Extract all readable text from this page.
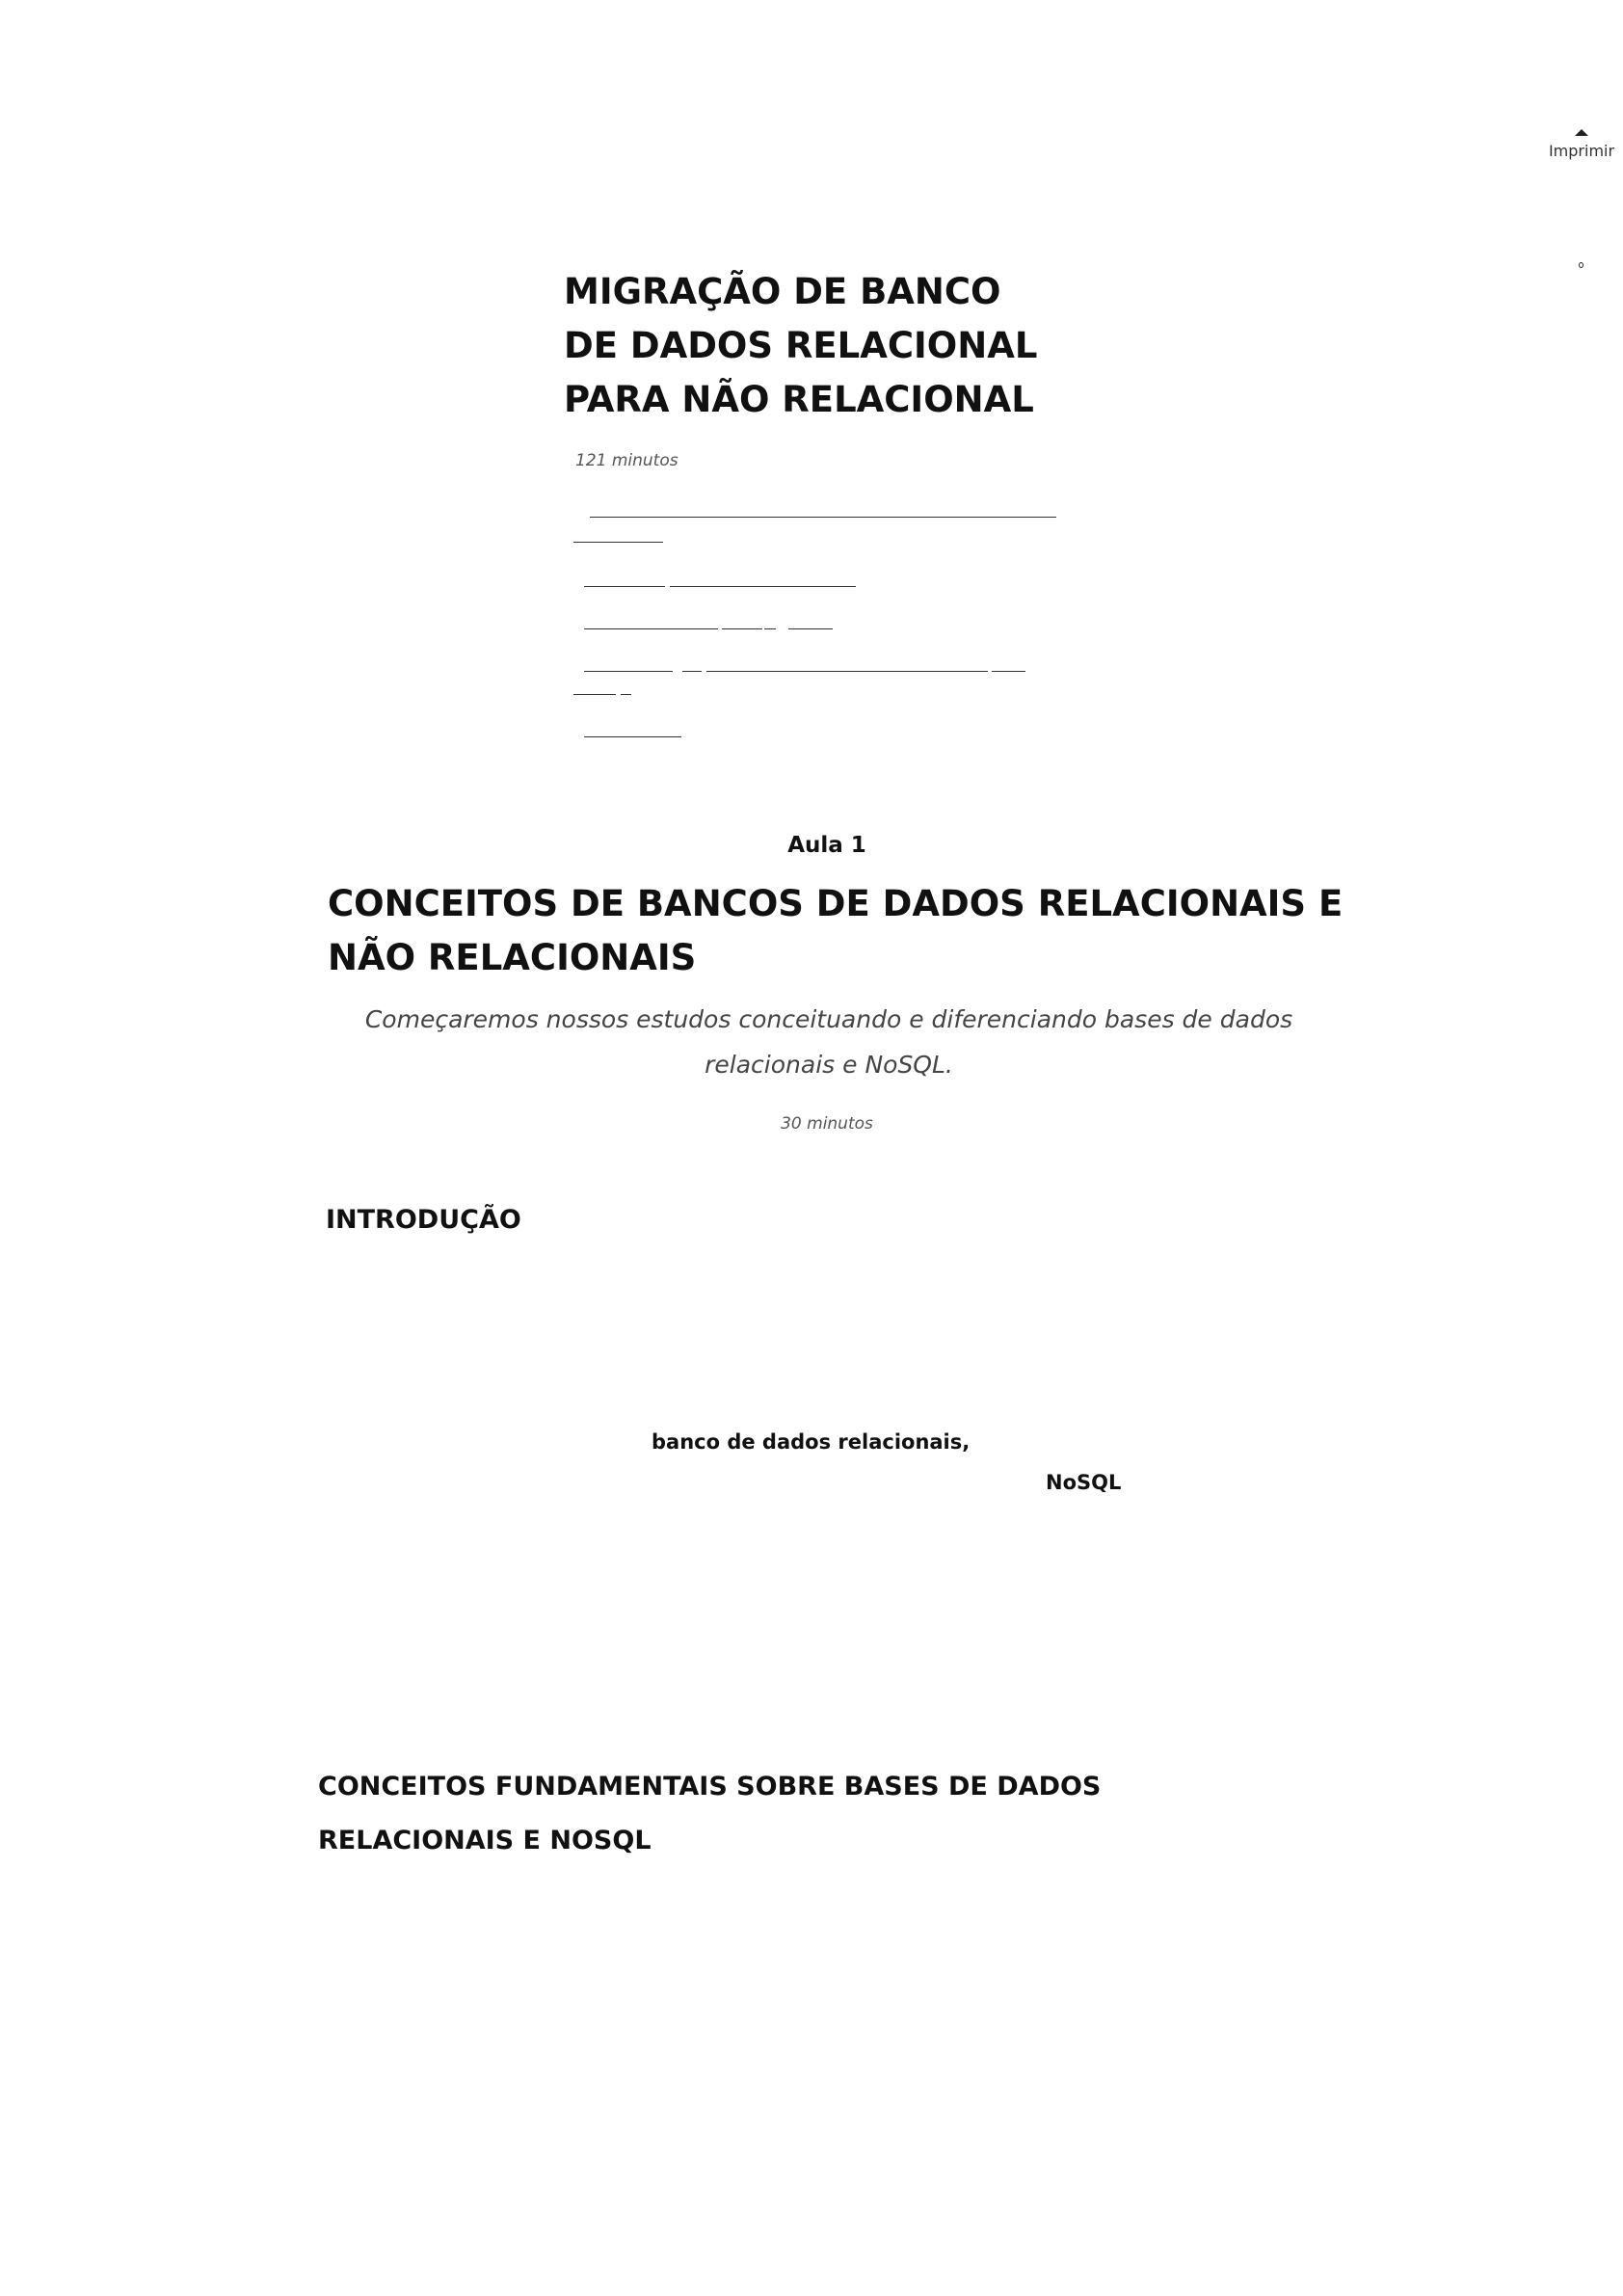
Imprimir
MIGRAÇÃO DE BANCO DE DADOS RELACIONAL PARA NÃO RELACIONAL
121 minutos
Aula 1
CONCEITOS DE BANCOS DE DADOS RELACIONAIS E NÃO RELACIONAIS
Começaremos nossos estudos conceituando e diferenciando bases de dados relacionais e NoSQL.
30 minutos
INTRODUÇÃO
banco de dados relacionais,
NoSQL
CONCEITOS FUNDAMENTAIS SOBRE BASES DE DADOS RELACIONAIS E NOSQL
